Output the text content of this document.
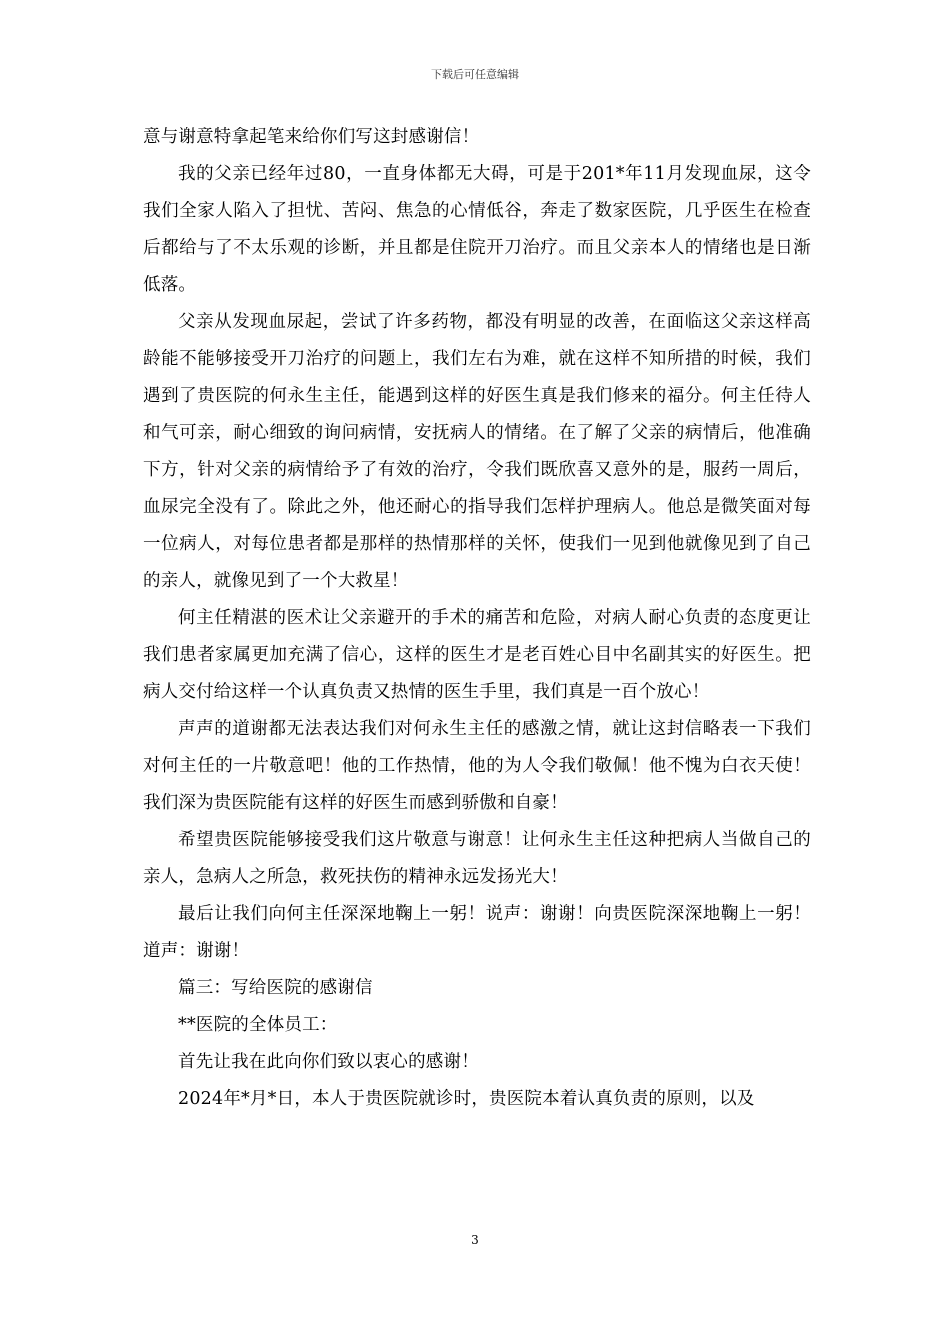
下载后可任意编辑

意与谢意特拿起笔来给你们写这封感谢信！

我的父亲已经年过80，一直身体都无大碍，可是于201*年11月发现血尿，这令我们全家人陷入了担忧、苦闷、焦急的心情低谷，奔走了数家医院，几乎医生在检查后都给与了不太乐观的诊断，并且都是住院开刀治疗。而且父亲本人的情绪也是日渐低落。

父亲从发现血尿起，尝试了许多药物，都没有明显的改善，在面临这父亲这样高龄能不能够接受开刀治疗的问题上，我们左右为难，就在这样不知所措的时候，我们遇到了贵医院的何永生主任，能遇到这样的好医生真是我们修来的福分。何主任待人和气可亲，耐心细致的询问病情，安抚病人的情绪。在了解了父亲的病情后，他准确下方，针对父亲的病情给予了有效的治疗，令我们既欣喜又意外的是，服药一周后，血尿完全没有了。除此之外，他还耐心的指导我们怎样护理病人。他总是微笑面对每一位病人，对每位患者都是那样的热情那样的关怀，使我们一见到他就像见到了自己的亲人，就像见到了一个大救星！

何主任精湛的医术让父亲避开的手术的痛苦和危险，对病人耐心负责的态度更让我们患者家属更加充满了信心，这样的医生才是老百姓心目中名副其实的好医生。把病人交付给这样一个认真负责又热情的医生手里，我们真是一百个放心！

声声的道谢都无法表达我们对何永生主任的感激之情，就让这封信略表一下我们对何主任的一片敬意吧！他的工作热情，他的为人令我们敬佩！他不愧为白衣天使！我们深为贵医院能有这样的好医生而感到骄傲和自豪！

希望贵医院能够接受我们这片敬意与谢意！让何永生主任这种把病人当做自己的亲人，急病人之所急，救死扶伤的精神永远发扬光大！

最后让我们向何主任深深地鞠上一躬！说声：谢谢！向贵医院深深地鞠上一躬！道声：谢谢！

篇三：写给医院的感谢信

**医院的全体员工：

首先让我在此向你们致以衷心的感谢！

2024年*月*日，本人于贵医院就诊时，贵医院本着认真负责的原则，以及

3
